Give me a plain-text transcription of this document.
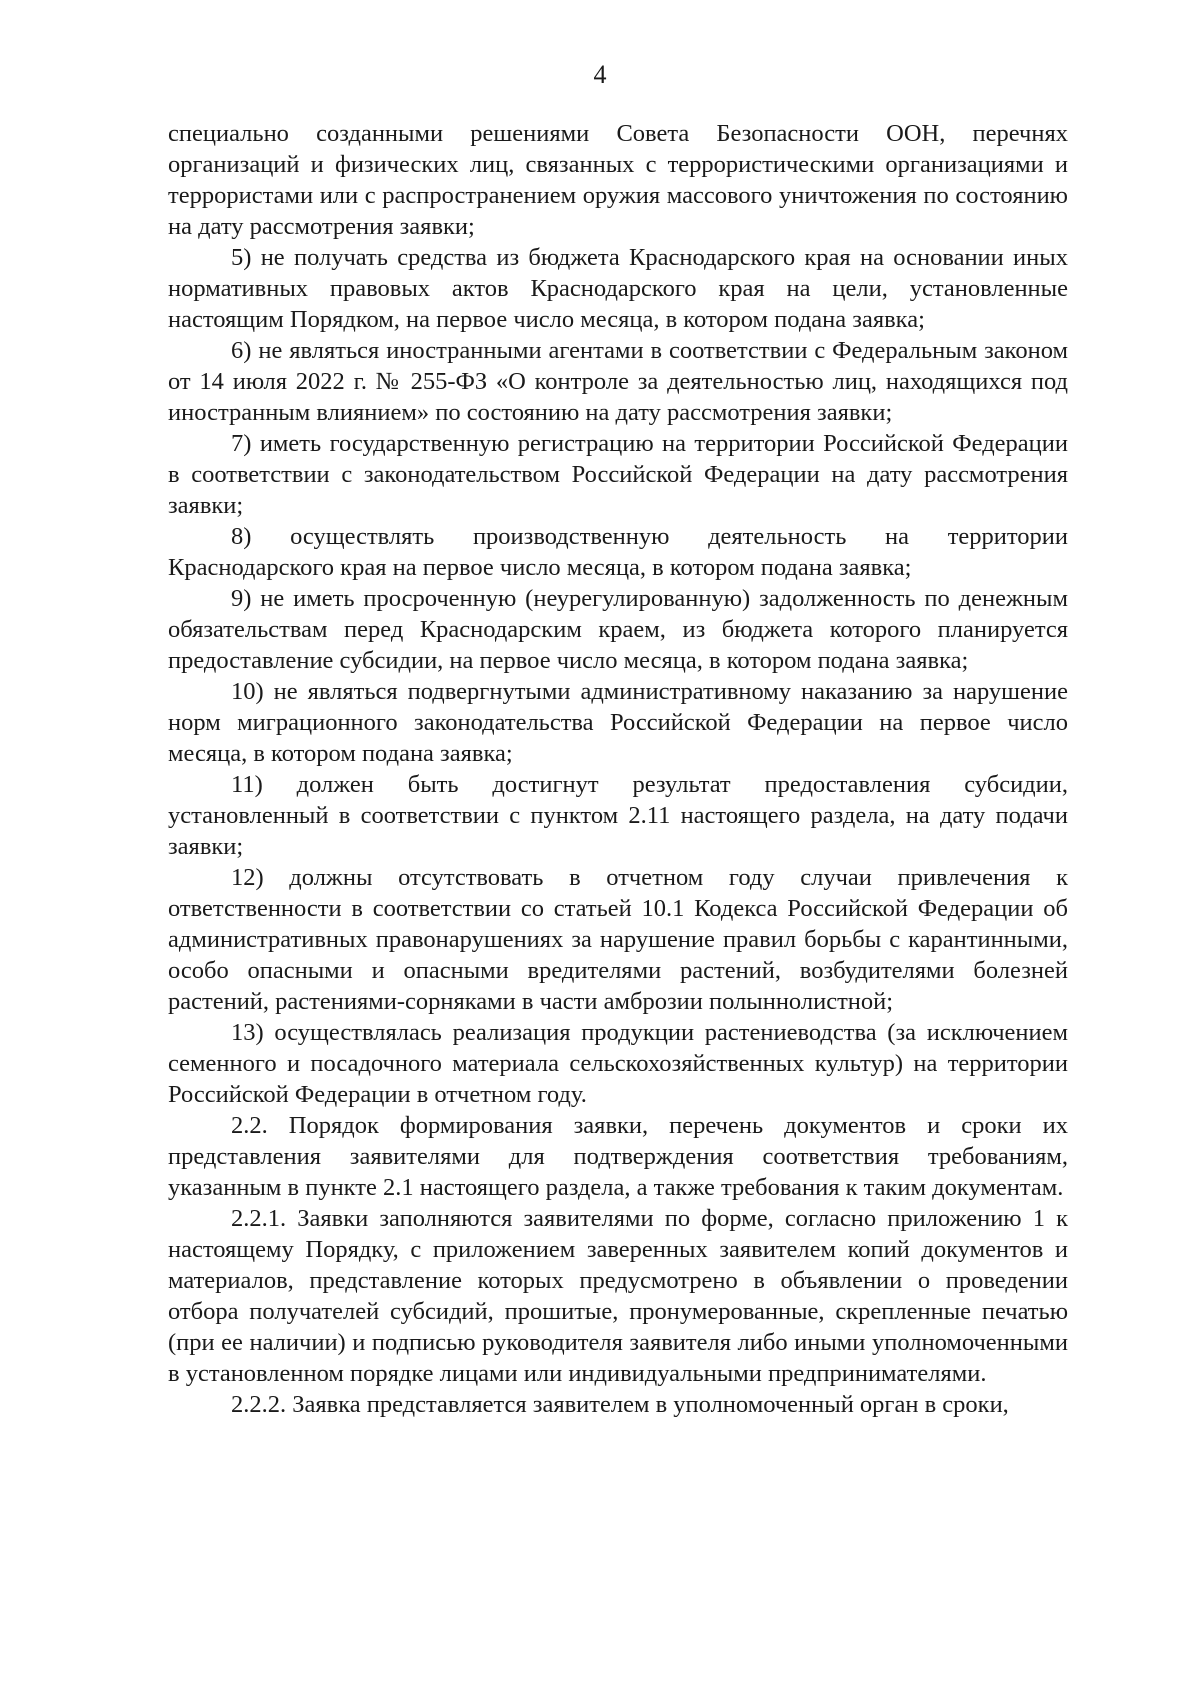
4

специально созданными решениями Совета Безопасности ООН, перечнях организаций и физических лиц, связанных с террористическими организациями и террористами или с распространением оружия массового уничтожения по состоянию на дату рассмотрения заявки;

5) не получать средства из бюджета Краснодарского края на основании иных нормативных правовых актов Краснодарского края на цели, установленные настоящим Порядком, на первое число месяца, в котором подана заявка;

6) не являться иностранными агентами в соответствии с Федеральным законом от 14 июля 2022 г. № 255-ФЗ «О контроле за деятельностью лиц, находящихся под иностранным влиянием» по состоянию на дату рассмотрения заявки;

7) иметь государственную регистрацию на территории Российской Федерации в соответствии с законодательством Российской Федерации на дату рассмотрения заявки;

8) осуществлять производственную деятельность на территории Краснодарского края на первое число месяца, в котором подана заявка;

9) не иметь просроченную (неурегулированную) задолженность по денежным обязательствам перед Краснодарским краем, из бюджета которого планируется предоставление субсидии, на первое число месяца, в котором подана заявка;

10) не являться подвергнутыми административному наказанию за нарушение норм миграционного законодательства Российской Федерации на первое число месяца, в котором подана заявка;

11) должен быть достигнут результат предоставления субсидии, установленный в соответствии с пунктом 2.11 настоящего раздела, на дату подачи заявки;

12) должны отсутствовать в отчетном году случаи привлечения к ответственности в соответствии со статьей 10.1 Кодекса Российской Федерации об административных правонарушениях за нарушение правил борьбы с карантинными, особо опасными и опасными вредителями растений, возбудителями болезней растений, растениями-сорняками в части амброзии полыннолистной;

13) осуществлялась реализация продукции растениеводства (за исключением семенного и посадочного материала сельскохозяйственных культур) на территории Российской Федерации в отчетном году.

2.2. Порядок формирования заявки, перечень документов и сроки их представления заявителями для подтверждения соответствия требованиям, указанным в пункте 2.1 настоящего раздела, а также требования к таким документам.

2.2.1. Заявки заполняются заявителями по форме, согласно приложению 1 к настоящему Порядку, с приложением заверенных заявителем копий документов и материалов, представление которых предусмотрено в объявлении о проведении отбора получателей субсидий, прошитые, пронумерованные, скрепленные печатью (при ее наличии) и подписью руководителя заявителя либо иными уполномоченными в установленном порядке лицами или индивидуальными предпринимателями.

2.2.2. Заявка представляется заявителем в уполномоченный орган в сроки,
